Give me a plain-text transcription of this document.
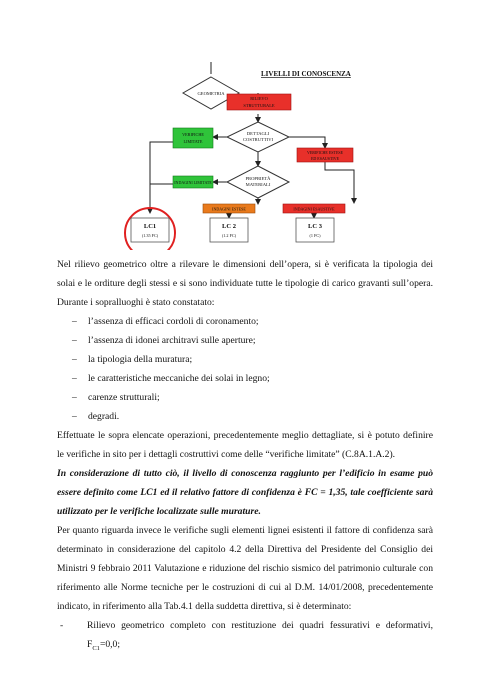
LIVELLI DI CONOSCENZA
GEOMETRIA
RILIEVO
STRUTTURALE
DETTAGLI
COSTRUTTIVI
VERIFICHE
LIMITATE
VERIFICHE ESTESE
ED ESAUSTIVE
PROPRIETÀ
MATERIALI
INDAGINI LIMITATE
INDAGINI ESTESE	INDAGINI ESAUSTIVE
LC1
(1.35 FC)
LC 2
(1.2 FC)
LC 3
(1 FC)
Nel rilievo geometrico oltre a rilevare le dimensioni dell’opera, si è verificata la tipologia dei
solai e le orditure degli stessi e si sono individuate tutte le tipologie di carico gravanti sull’opera.
Durante i sopralluoghi è stato constatato:
– l’assenza di efficaci cordoli di coronamento;
– l’assenza di idonei architravi sulle aperture;
– la tipologia della muratura;
– le caratteristiche meccaniche dei solai in legno;
– carenze strutturali;
– degradi.
Effettuate le sopra elencate operazioni, precedentemente meglio dettagliate, si è potuto definire
le verifiche in sito per i dettagli costruttivi come delle “verifiche limitate” (C.8A.1.A.2).
In considerazione di tutto ciò, il livello di conoscenza raggiunto per l’edificio in esame può
essere definito come LC1 ed il relativo fattore di confidenza è FC = 1,35, tale coefficiente sarà
utilizzato per le verifiche localizzate sulle murature.
Per quanto riguarda invece le verifiche sugli elementi lignei esistenti il fattore di confidenza sarà
determinato in considerazione del capitolo 4.2 della Direttiva del Presidente del Consiglio dei
Ministri 9 febbraio 2011 Valutazione e riduzione del rischio sismico del patrimonio culturale con
riferimento alle Norme tecniche per le costruzioni di cui al D.M. 14/01/2008, precedentemente
indicato, in riferimento alla Tab.4.1 della suddetta direttiva, si è determinato:
-	Rilievo geometrico completo con restituzione dei quadri fessurativi e deformativi,
$F_{C1}=0,0$;
